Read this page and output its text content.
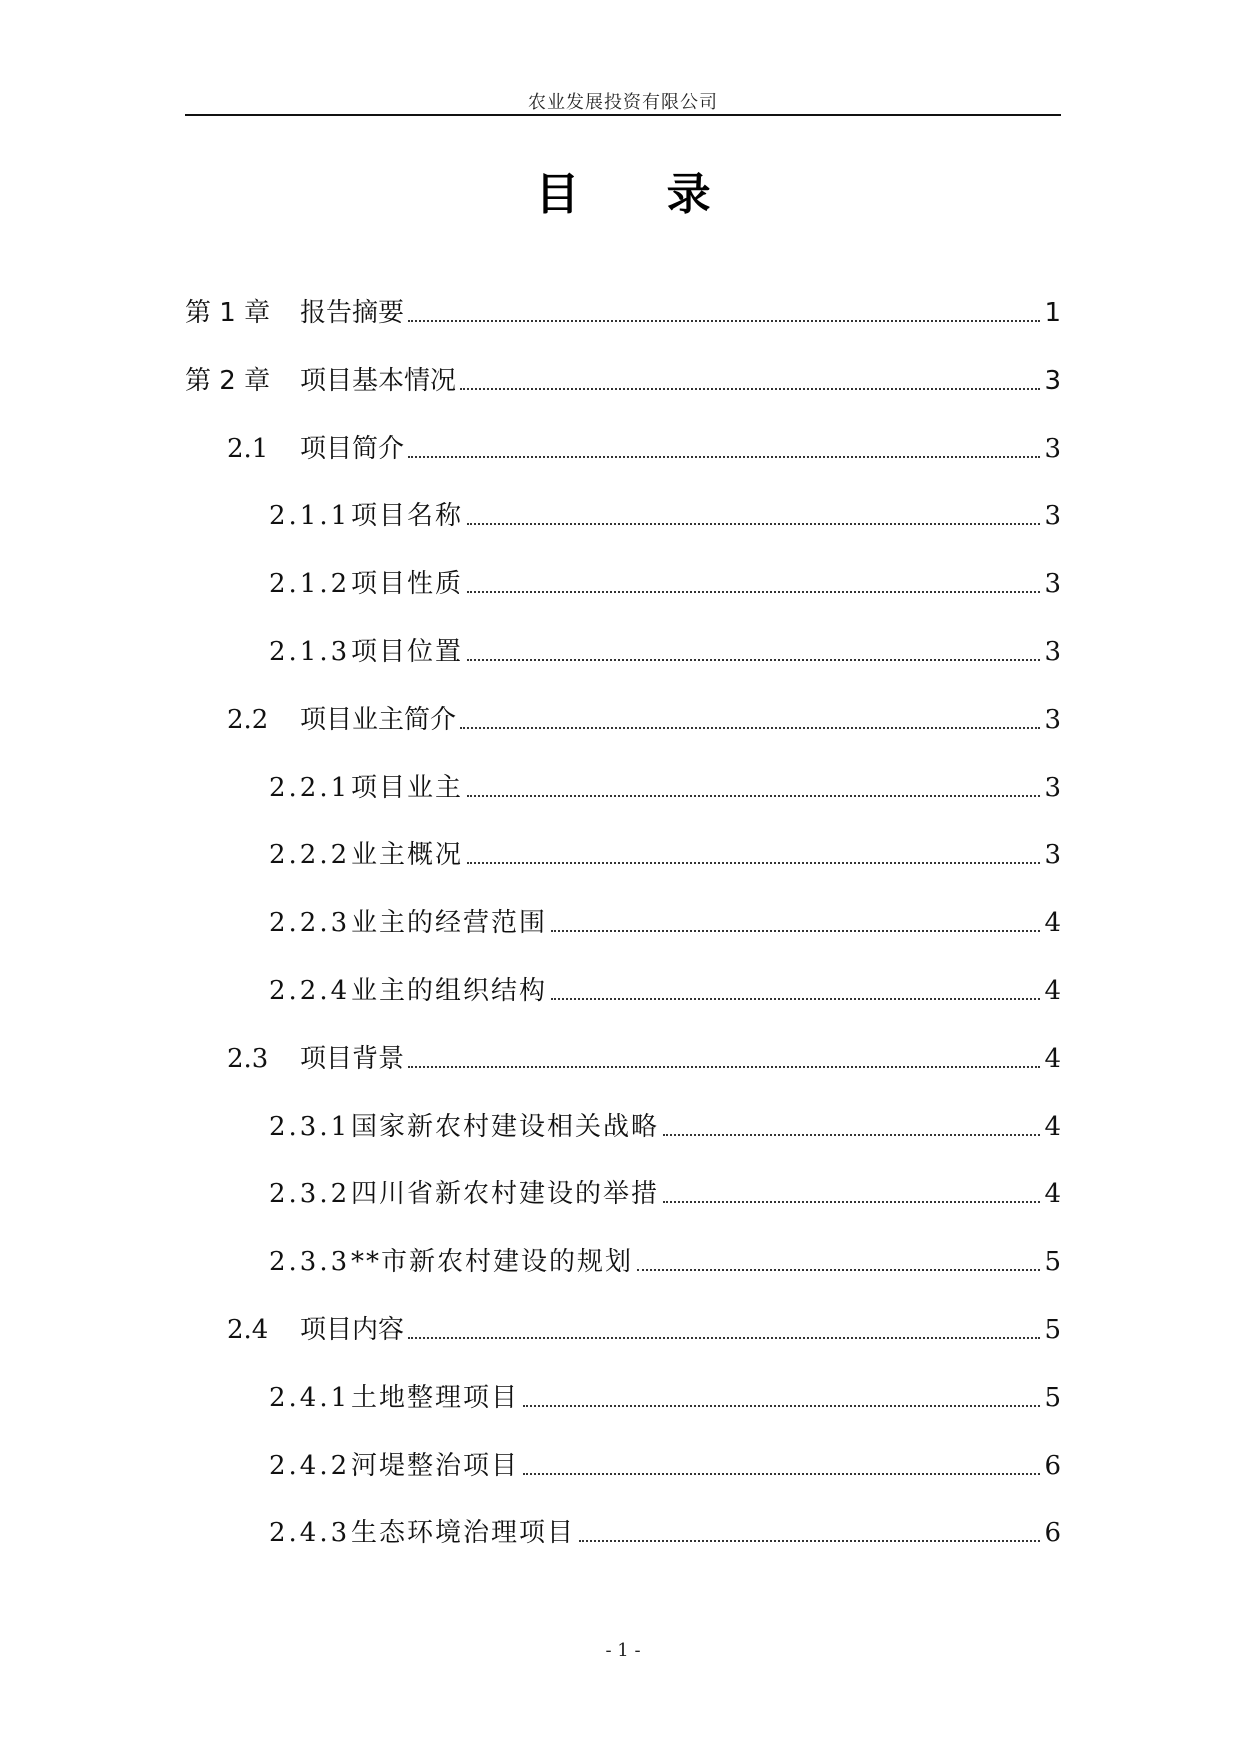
农业发展投资有限公司
目 录
第 1 章	报告摘要	1
第 2 章	项目基本情况	3
2.1	项目简介	3
2.1.1 项目名称	3
2.1.2 项目性质	3
2.1.3 项目位置	3
2.2	项目业主简介	3
2.2.1 项目业主	3
2.2.2 业主概况	3
2.2.3 业主的经营范围	4
2.2.4 业主的组织结构	4
2.3	项目背景	4
2.3.1 国家新农村建设相关战略	4
2.3.2 四川省新农村建设的举措	4
2.3.3 **市新农村建设的规划	5
2.4	项目内容	5
2.4.1 土地整理项目	5
2.4.2 河堤整治项目	6
2.4.3 生态环境治理项目	6
- 1 -
